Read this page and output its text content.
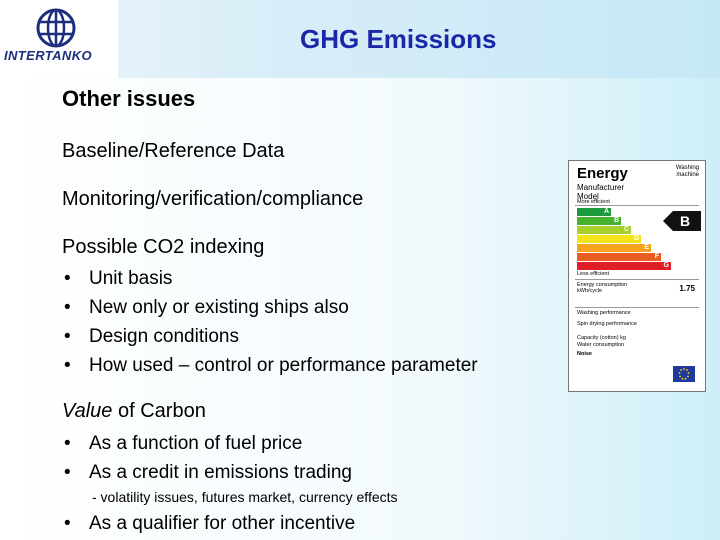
INTERTANKO
GHG Emissions
Other issues
Baseline/Reference Data
Monitoring/verification/compliance
Possible CO2 indexing
• Unit basis
• New only or existing ships also
• Design conditions
• How used – control or performance parameter
Value of Carbon
• As a function of fuel price
• As a credit in emissions trading
- volatility issues, futures market, currency effects
• As a qualifier for other incentive
Energy	Washing machine
Manufacturer
Model
More efficient
A
B
C
D
E
F
G
B
Less efficient
Energy consumption kWh/cycle	1.75
Washing performance
Spin drying performance
Capacity (cotton) kg
Water consumption
Noise
